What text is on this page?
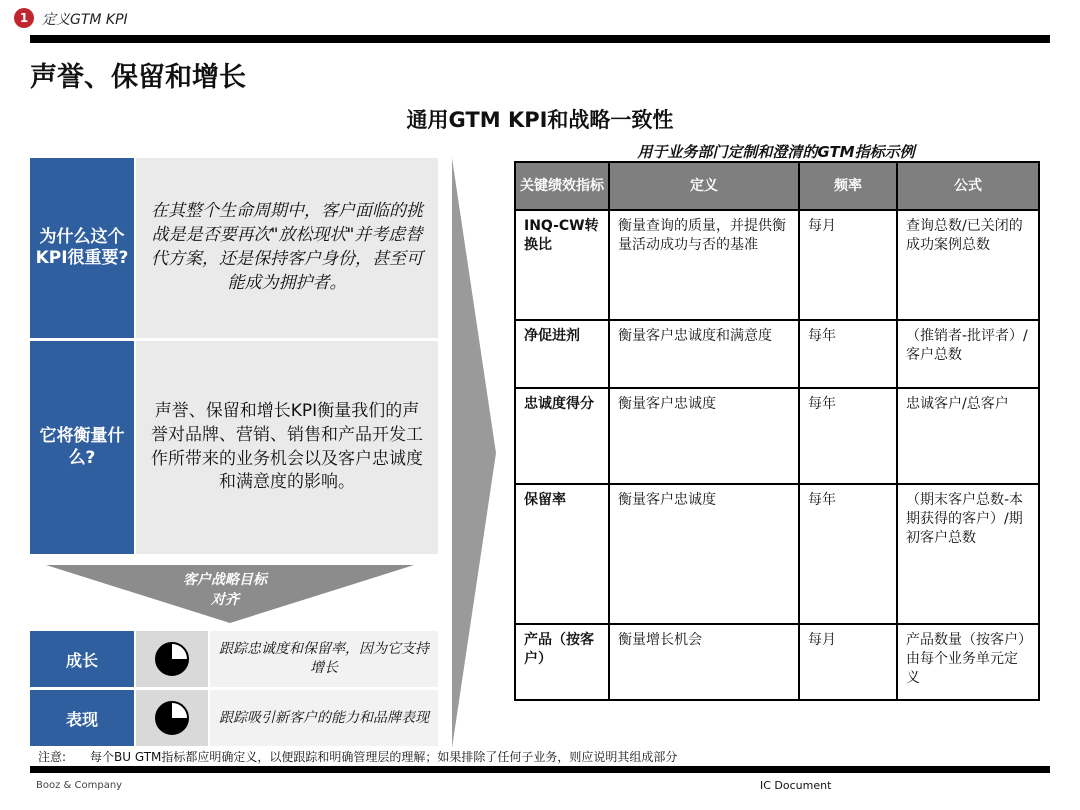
1 定义GTM KPI
声誉、保留和增长
通用GTM KPI和战略一致性
为什么这个KPI很重要?
在其整个生命周期中，客户面临的挑战是是否要再次"放松现状"并考虑替代方案，还是保持客户身份，甚至可能成为拥护者。
它将衡量什么?
声誉、保留和增长KPI衡量我们的声誉对品牌、营销、销售和产品开发工作所带来的业务机会以及客户忠诚度和满意度的影响。
客户战略目标
对齐
成长
跟踪忠诚度和保留率，因为它支持增长
表现	跟踪吸引新客户的能力和品牌表现
用于业务部门定制和澄清的GTM指标示例
关键绩效指标	定义	频率	公式
INQ-CW转换比	衡量查询的质量，并提供衡量活动成功与否的基准	每月	查询总数/已关闭的成功案例总数
净促进剂	衡量客户忠诚度和满意度	每年	（推销者-批评者）/客户总数
忠诚度得分	衡量客户忠诚度	每年	忠诚客户/总客户
保留率	衡量客户忠诚度	每年	（期末客户总数-本期获得的客户）/期初客户总数
产品（按客户）	衡量增长机会	每月	产品数量（按客户）由每个业务单元定义
注意: 每个BU GTM指标都应明确定义，以便跟踪和明确管理层的理解；如果排除了任何子业务，则应说明其组成部分
Booz & Company	IC Document
